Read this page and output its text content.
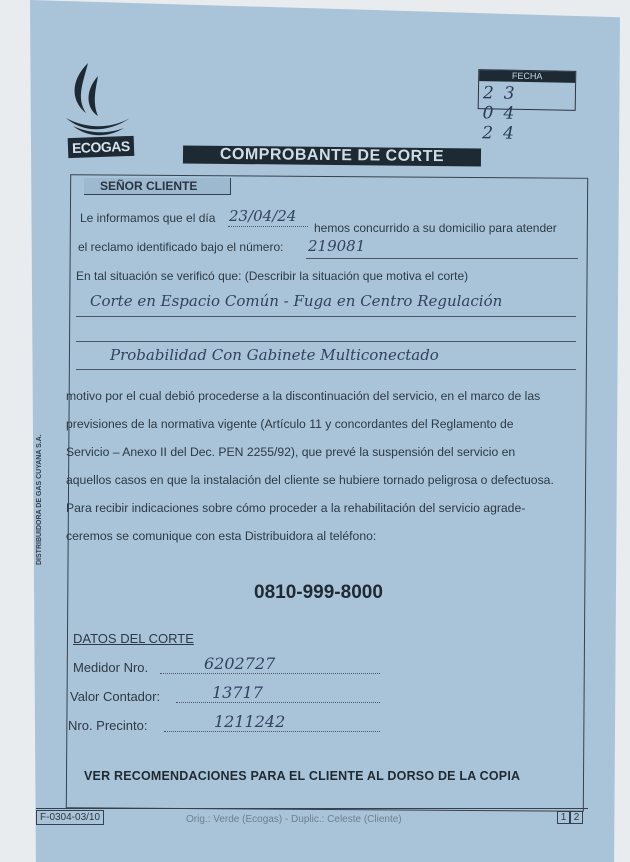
ECOGAS
FECHA
23 04 24
COMPROBANTE DE CORTE
SEÑOR CLIENTE
Le informamos que el día 23/04/24
hemos concurrido a su domicilio para atender
el reclamo identificado bajo el número: 219081
En tal situación se verificó que: (Describir la situación que motiva el corte)
Corte en Espacio Común - Fuga en Centro Regulación
Probabilidad Con Gabinete Multiconectado

motivo por el cual debió procederse a la discontinuación del servicio, en el marco de las

previsiones de la normativa vigente (Artículo 11 y concordantes del Reglamento de

Servicio – Anexo II del Dec. PEN 2255/92), que prevé la suspensión del servicio en

aquellos casos en que la instalación del cliente se hubiere tornado peligrosa o defectuosa.

Para recibir indicaciones sobre cómo proceder a la rehabilitación del servicio agrade-

ceremos se comunique con esta Distribuidora al teléfono:

0810-999-8000
DATOS DEL CORTE
Medidor Nro.	6202727
Valor Contador:	13717
Nro. Precinto:	1211242
VER RECOMENDACIONES PARA EL CLIENTE AL DORSO DE LA COPIA
DISTRIBUIDORA DE GAS CUYANA S.A.
F-0304-03/10	Orig.: Verde (Ecogas) - Duplic.: Celeste (Cliente)	1 2
